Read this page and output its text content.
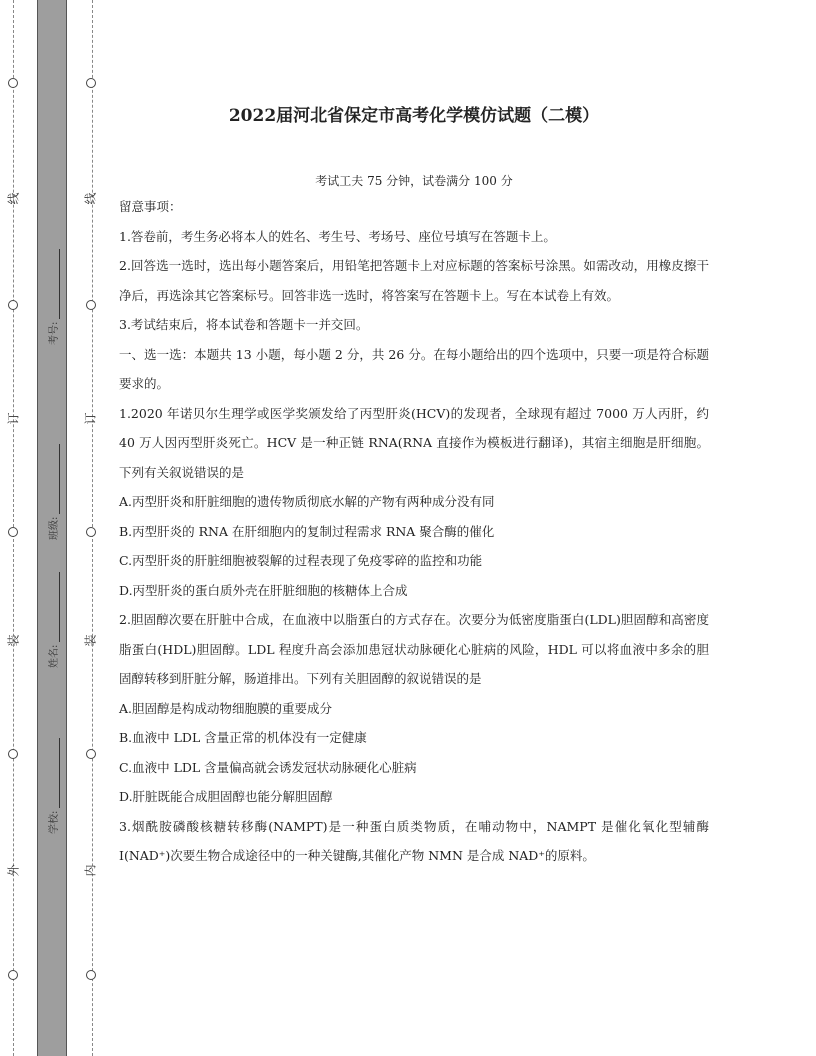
线
订
装
外
线
订
装
内
考号:
班级:
姓名:
学校:
2022届河北省保定市高考化学模仿试题（二模）
考试工夫 75 分钟，试卷满分 100 分

留意事项：

1.答卷前，考生务必将本人的姓名、考生号、考场号、座位号填写在答题卡上。

2.回答选一选时，选出每小题答案后，用铅笔把答题卡上对应标题的答案标号涂黑。如需改动，用橡皮擦干净后，再选涂其它答案标号。回答非选一选时，将答案写在答题卡上。写在本试卷上有效。

3.考试结束后，将本试卷和答题卡一并交回。

一、选一选：本题共 13 小题，每小题 2 分，共 26 分。在每小题给出的四个选项中，只要一项是符合标题要求的。

1.2020 年诺贝尔生理学或医学奖颁发给了丙型肝炎(HCV)的发现者，全球现有超过 7000 万人丙肝，约 40 万人因丙型肝炎死亡。HCV 是一种正链 RNA(RNA 直接作为模板进行翻译)，其宿主细胞是肝细胞。下列有关叙说错误的是

A.丙型肝炎和肝脏细胞的遗传物质彻底水解的产物有两种成分没有同

B.丙型肝炎的 RNA 在肝细胞内的复制过程需求 RNA 聚合酶的催化

C.丙型肝炎的肝脏细胞被裂解的过程表现了免疫零碎的监控和功能

D.丙型肝炎的蛋白质外壳在肝脏细胞的核糖体上合成

2.胆固醇次要在肝脏中合成，在血液中以脂蛋白的方式存在。次要分为低密度脂蛋白(LDL)胆固醇和高密度脂蛋白(HDL)胆固醇。LDL 程度升高会添加患冠状动脉硬化心脏病的风险，HDL 可以将血液中多余的胆固醇转移到肝脏分解，肠道排出。下列有关胆固醇的叙说错误的是

A.胆固醇是构成动物细胞膜的重要成分

B.血液中 LDL 含量正常的机体没有一定健康

C.血液中 LDL 含量偏高就会诱发冠状动脉硬化心脏病

D.肝脏既能合成胆固醇也能分解胆固醇

3.烟酰胺磷酸核糖转移酶(NAMPT)是一种蛋白质类物质，在哺动物中，NAMPT 是催化氧化型辅酶 I(NAD⁺)次要生物合成途径中的一种关键酶,其催化产物 NMN 是合成 NAD⁺的原料。
